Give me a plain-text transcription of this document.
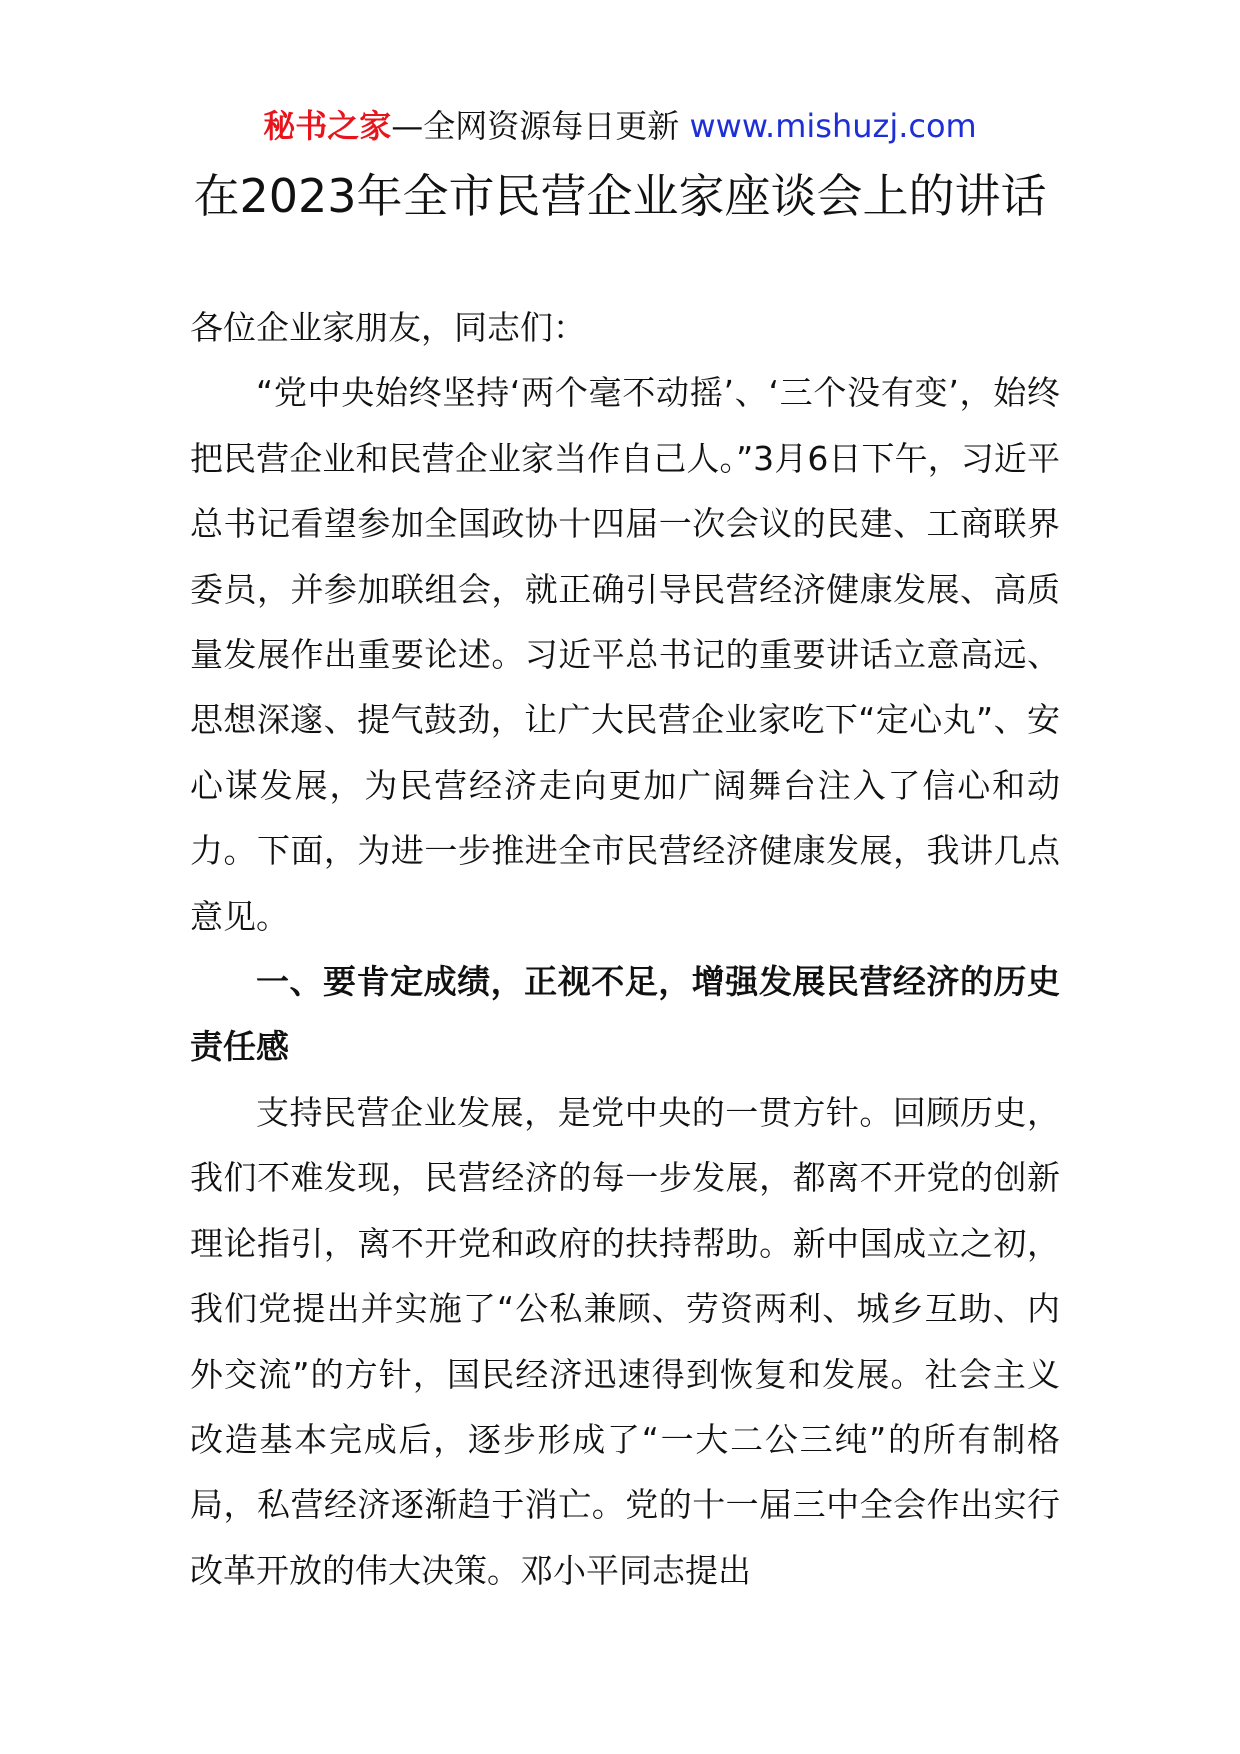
秘书之家—全网资源每日更新 www.mishuzj.com
在2023年全市民营企业家座谈会上的讲话

各位企业家朋友，同志们：

“党中央始终坚持‘两个毫不动摇’、‘三个没有变’，始终把民营企业和民营企业家当作自己人。”3月6日下午，习近平总书记看望参加全国政协十四届一次会议的民建、工商联界委员，并参加联组会，就正确引导民营经济健康发展、高质量发展作出重要论述。习近平总书记的重要讲话立意高远、思想深邃、提气鼓劲，让广大民营企业家吃下“定心丸”、安心谋发展，为民营经济走向更加广阔舞台注入了信心和动力。下面，为进一步推进全市民营经济健康发展，我讲几点意见。

一、要肯定成绩，正视不足，增强发展民营经济的历史责任感

支持民营企业发展，是党中央的一贯方针。回顾历史，我们不难发现，民营经济的每一步发展，都离不开党的创新理论指引，离不开党和政府的扶持帮助。新中国成立之初，我们党提出并实施了“公私兼顾、劳资两利、城乡互助、内外交流”的方针，国民经济迅速得到恢复和发展。社会主义改造基本完成后，逐步形成了“一大二公三纯”的所有制格局，私营经济逐渐趋于消亡。党的十一届三中全会作出实行改革开放的伟大决策。邓小平同志提出
